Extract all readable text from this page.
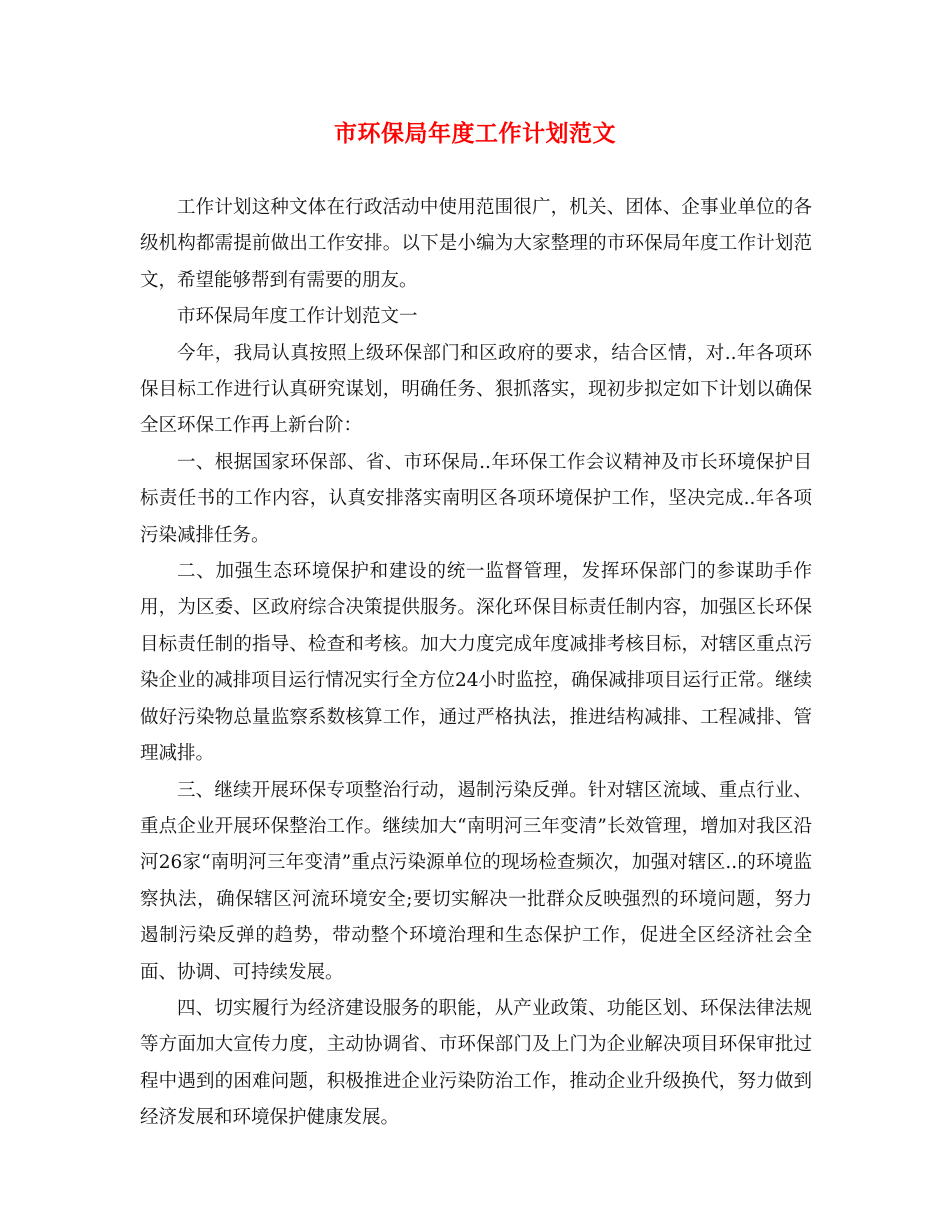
市环保局年度工作计划范文

工作计划这种文体在行政活动中使用范围很广，机关、团体、企事业单位的各级机构都需提前做出工作安排。以下是小编为大家整理的市环保局年度工作计划范文，希望能够帮到有需要的朋友。

市环保局年度工作计划范文一

今年，我局认真按照上级环保部门和区政府的要求，结合区情，对..年各项环保目标工作进行认真研究谋划，明确任务、狠抓落实，现初步拟定如下计划以确保全区环保工作再上新台阶：

一、根据国家环保部、省、市环保局..年环保工作会议精神及市长环境保护目标责任书的工作内容，认真安排落实南明区各项环境保护工作，坚决完成..年各项污染减排任务。

二、加强生态环境保护和建设的统一监督管理，发挥环保部门的参谋助手作用，为区委、区政府综合决策提供服务。深化环保目标责任制内容，加强区长环保目标责任制的指导、检查和考核。加大力度完成年度减排考核目标，对辖区重点污染企业的减排项目运行情况实行全方位24小时监控，确保减排项目运行正常。继续做好污染物总量监察系数核算工作，通过严格执法，推进结构减排、工程减排、管理减排。

三、继续开展环保专项整治行动，遏制污染反弹。针对辖区流域、重点行业、重点企业开展环保整治工作。继续加大“南明河三年变清”长效管理，增加对我区沿河26家“南明河三年变清”重点污染源单位的现场检查频次，加强对辖区..的环境监察执法，确保辖区河流环境安全;要切实解决一批群众反映强烈的环境问题，努力遏制污染反弹的趋势，带动整个环境治理和生态保护工作，促进全区经济社会全面、协调、可持续发展。

四、切实履行为经济建设服务的职能，从产业政策、功能区划、环保法律法规等方面加大宣传力度，主动协调省、市环保部门及上门为企业解决项目环保审批过程中遇到的困难问题，积极推进企业污染防治工作，推动企业升级换代，努力做到经济发展和环境保护健康发展。
